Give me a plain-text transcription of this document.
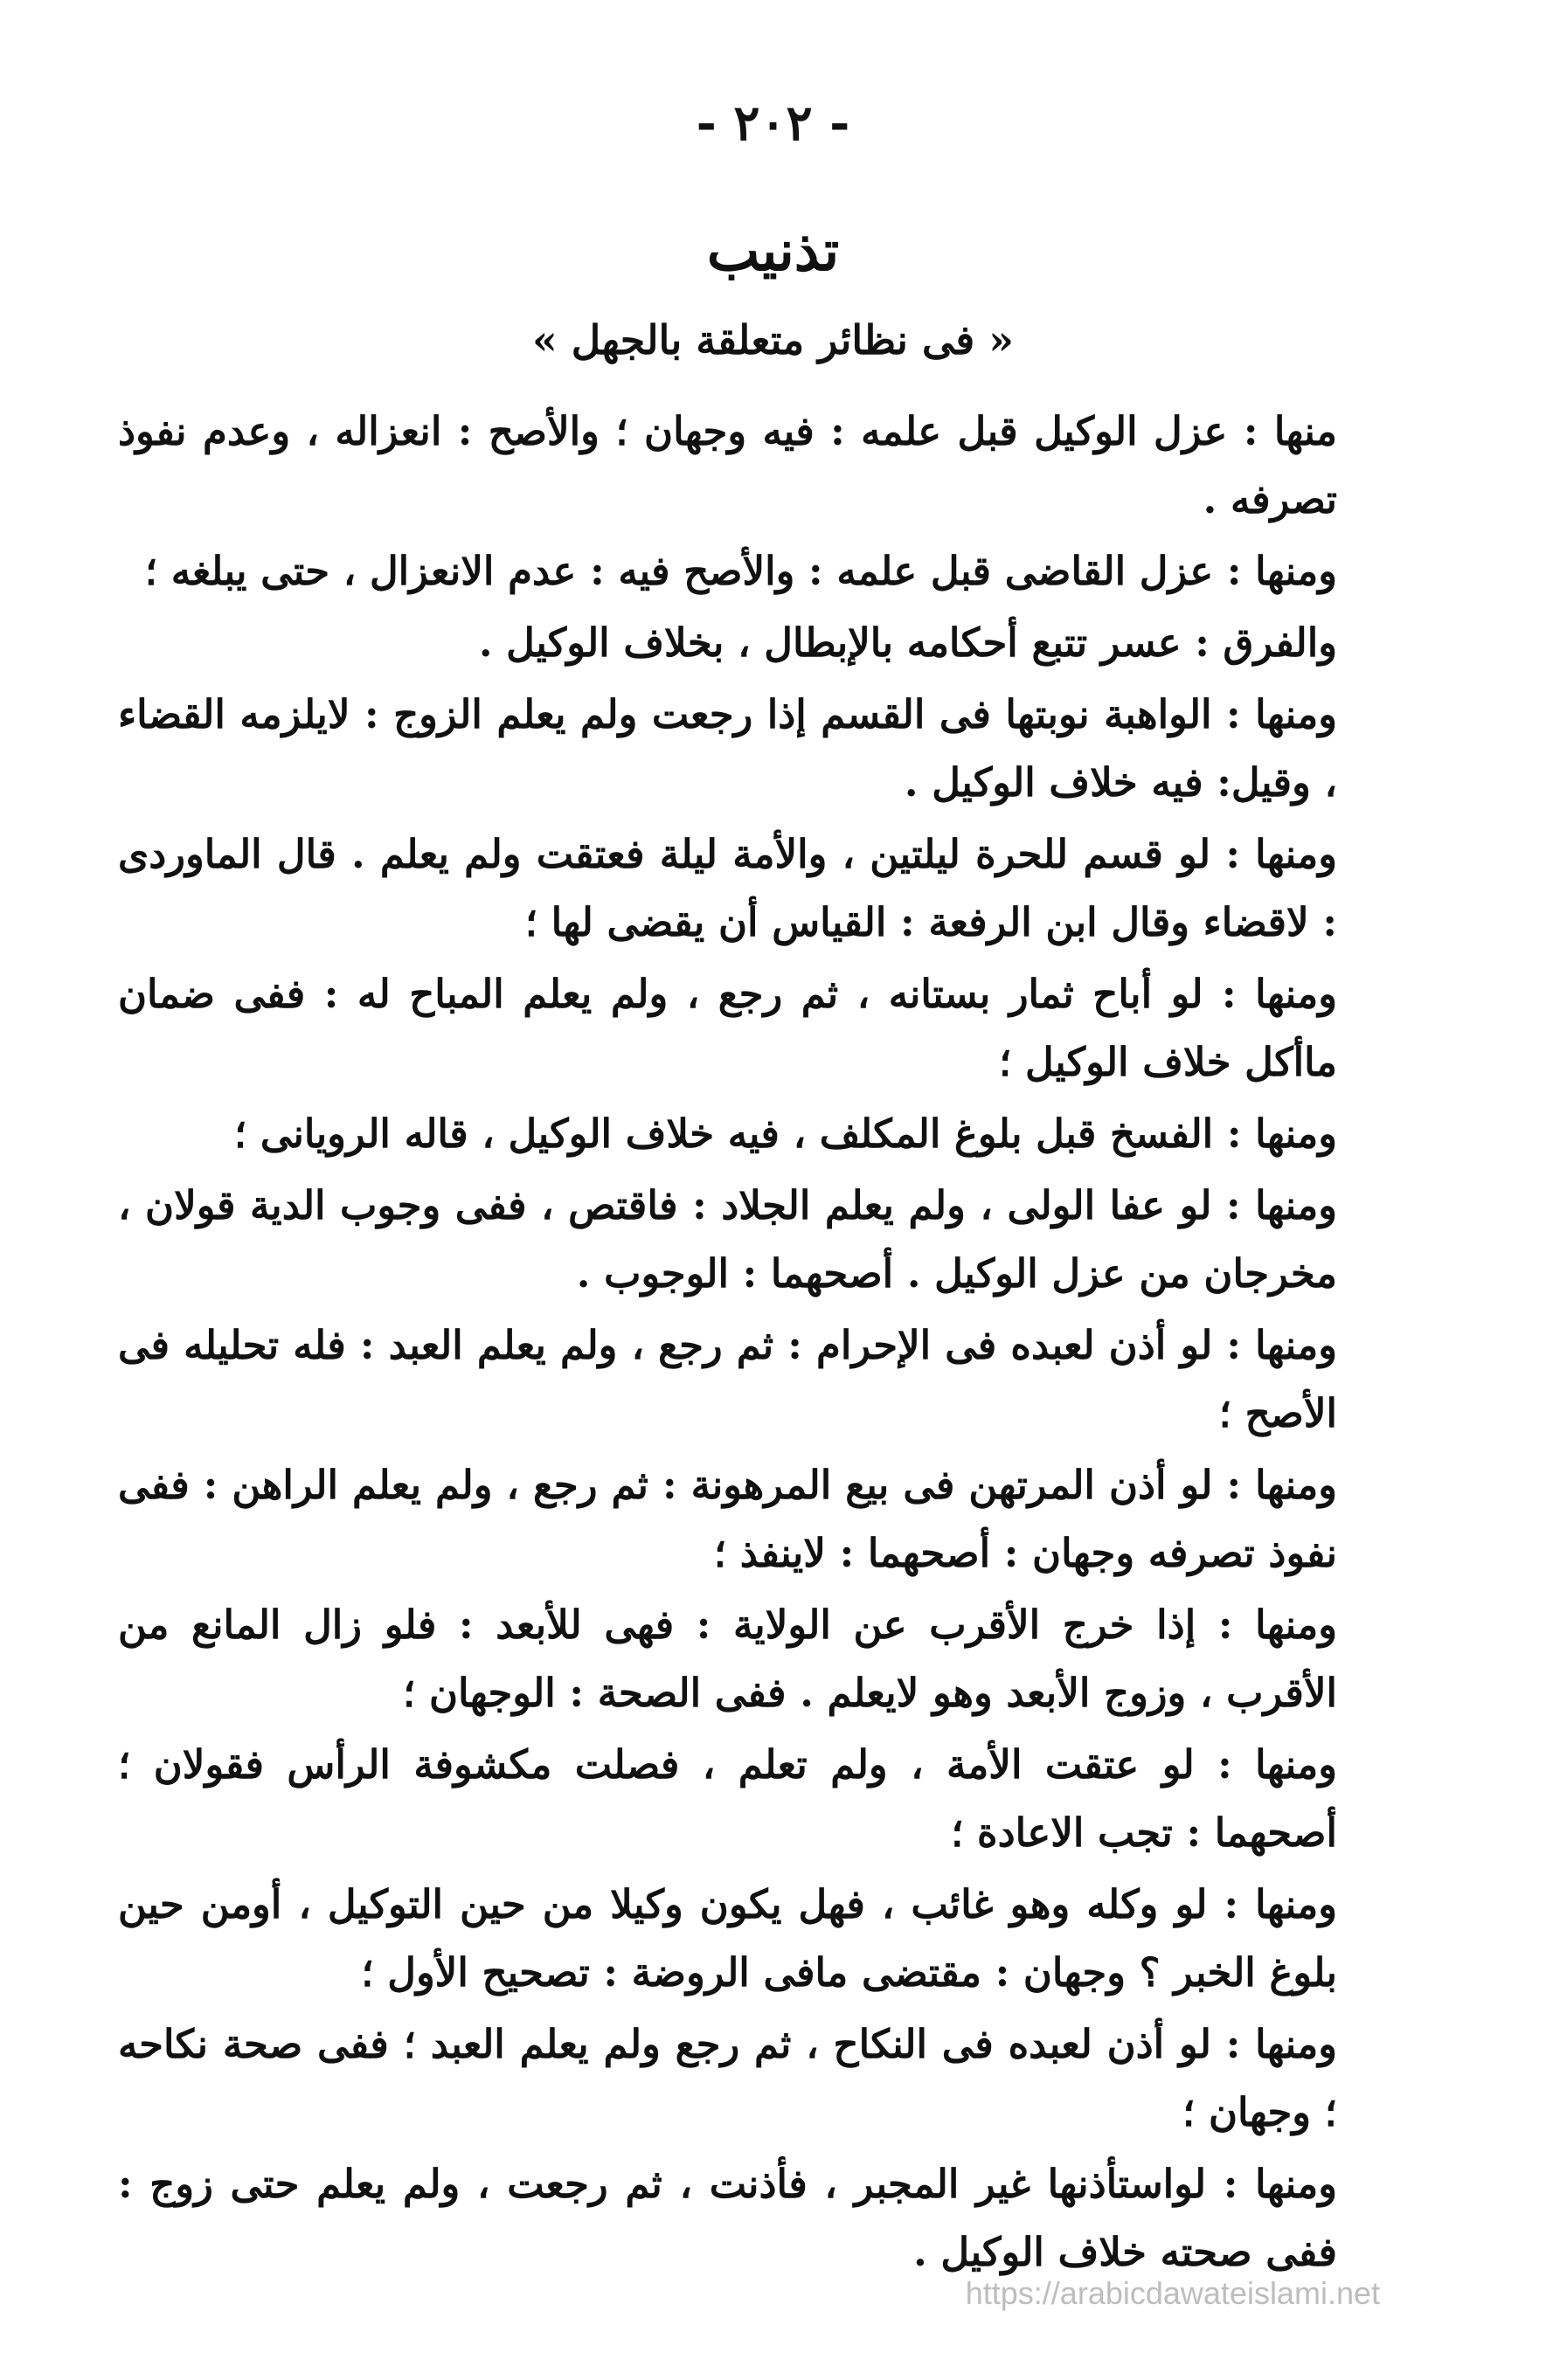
- ٢٠٢ -
تذنيب
« فى نظائر متعلقة بالجهل »

منها : عزل الوكيل قبل علمه : فيه وجهان ؛ والأصح : انعزاله ، وعدم نفوذ تصرفه .

ومنها : عزل القاضى قبل علمه : والأصح فيه : عدم الانعزال ، حتى يبلغه ؛

والفرق : عسر تتبع أحكامه بالإبطال ، بخلاف الوكيل .

ومنها : الواهبة نوبتها فى القسم إذا رجعت ولم يعلم الزوج : لايلزمه القضاء ، وقيل: فيه خلاف الوكيل .

ومنها : لو قسم للحرة ليلتين ، والأمة ليلة فعتقت ولم يعلم . قال الماوردى : لاقضاء وقال ابن الرفعة : القياس أن يقضى لها ؛

ومنها : لو أباح ثمار بستانه ، ثم رجع ، ولم يعلم المباح له : ففى ضمان ماأكل خلاف الوكيل ؛

ومنها : الفسخ قبل بلوغ المكلف ، فيه خلاف الوكيل ، قاله الرويانى ؛

ومنها : لو عفا الولى ، ولم يعلم الجلاد : فاقتص ، ففى وجوب الدية قولان ، مخرجان من عزل الوكيل . أصحهما : الوجوب .

ومنها : لو أذن لعبده فى الإحرام : ثم رجع ، ولم يعلم العبد : فله تحليله فى الأصح ؛

ومنها : لو أذن المرتهن فى بيع المرهونة : ثم رجع ، ولم يعلم الراهن : ففى نفوذ تصرفه وجهان : أصحهما : لاينفذ ؛

ومنها : إذا خرج الأقرب عن الولاية : فهى للأبعد : فلو زال المانع من الأقرب ، وزوج الأبعد وهو لايعلم . ففى الصحة : الوجهان ؛

ومنها : لو عتقت الأمة ، ولم تعلم ، فصلت مكشوفة الرأس فقولان ؛ أصحهما : تجب الاعادة ؛

ومنها : لو وكله وهو غائب ، فهل يكون وكيلا من حين التوكيل ، أومن حين بلوغ الخبر ؟ وجهان : مقتضى مافى الروضة : تصحيح الأول ؛

ومنها : لو أذن لعبده فى النكاح ، ثم رجع ولم يعلم العبد ؛ ففى صحة نكاحه ؛ وجهان ؛

ومنها : لواستأذنها غير المجبر ، فأذنت ، ثم رجعت ، ولم يعلم حتى زوج : ففى صحته خلاف الوكيل .

https://arabicdawateislami.net
